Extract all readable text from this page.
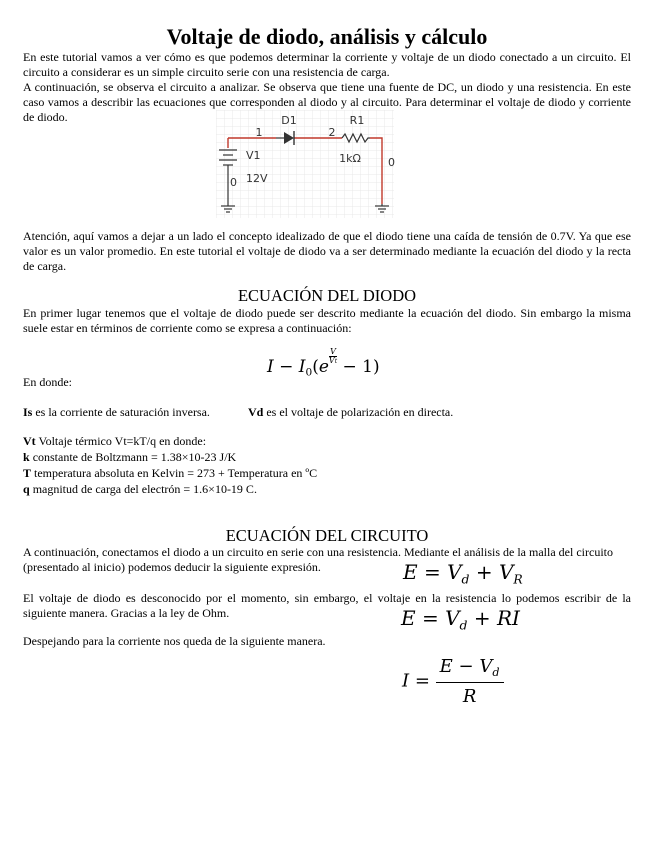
Voltaje de diodo, análisis y cálculo
En este tutorial vamos a ver cómo es que podemos determinar la corriente y voltaje de un diodo conectado a un circuito. El circuito a considerar es un simple circuito serie con una resistencia de carga.
A continuación, se observa el circuito a analizar. Se observa que tiene una fuente de DC, un diodo y una resistencia. En este caso vamos a describir las ecuaciones que corresponden al diodo y al circuito. Para determinar el voltaje de diodo y corriente de diodo.	D1	R1
1	2
V1
12V
1kΩ
0
0
Atención, aquí vamos a dejar a un lado el concepto idealizado de que el diodo tiene una caída de tensión de 0.7V. Ya que ese valor es un valor promedio. En este tutorial el voltaje de diodo va a ser determinado mediante la ecuación del diodo y la recta de carga.
ECUACIÓN DEL DIODO
En primer lugar tenemos que el voltaje de diodo puede ser descrito mediante la ecuación del diodo. Sin embargo la misma suele estar en términos de corriente como se expresa a continuación:
$I - I_0(e \frac{V}{Vt} - 1)$
En donde:
Is es la corriente de saturación inversa.	Vd es el voltaje de polarización en directa.
Vt Voltaje térmico Vt=kT/q en donde:
k constante de Boltzmann = 1.38×10-23 J/K
T temperatura absoluta en Kelvin = 273 + Temperatura en ºC
q magnitud de carga del electrón = 1.6×10-19 C.
ECUACIÓN DEL CIRCUITO
A continuación, conectamos el diodo a un circuito en serie con una resistencia. Mediante el análisis de la malla del circuito (presentado al inicio) podemos deducir la siguiente expresión.	$E = V_d + V_R$
El voltaje de diodo es desconocido por el momento, sin embargo, el voltaje en la resistencia lo podemos escribir de la siguiente manera. Gracias a la ley de Ohm.	$E = V_d$ + RI
Despejando para la corriente nos queda de la siguiente manera.
$I = \frac{E - V_d}{R}$
